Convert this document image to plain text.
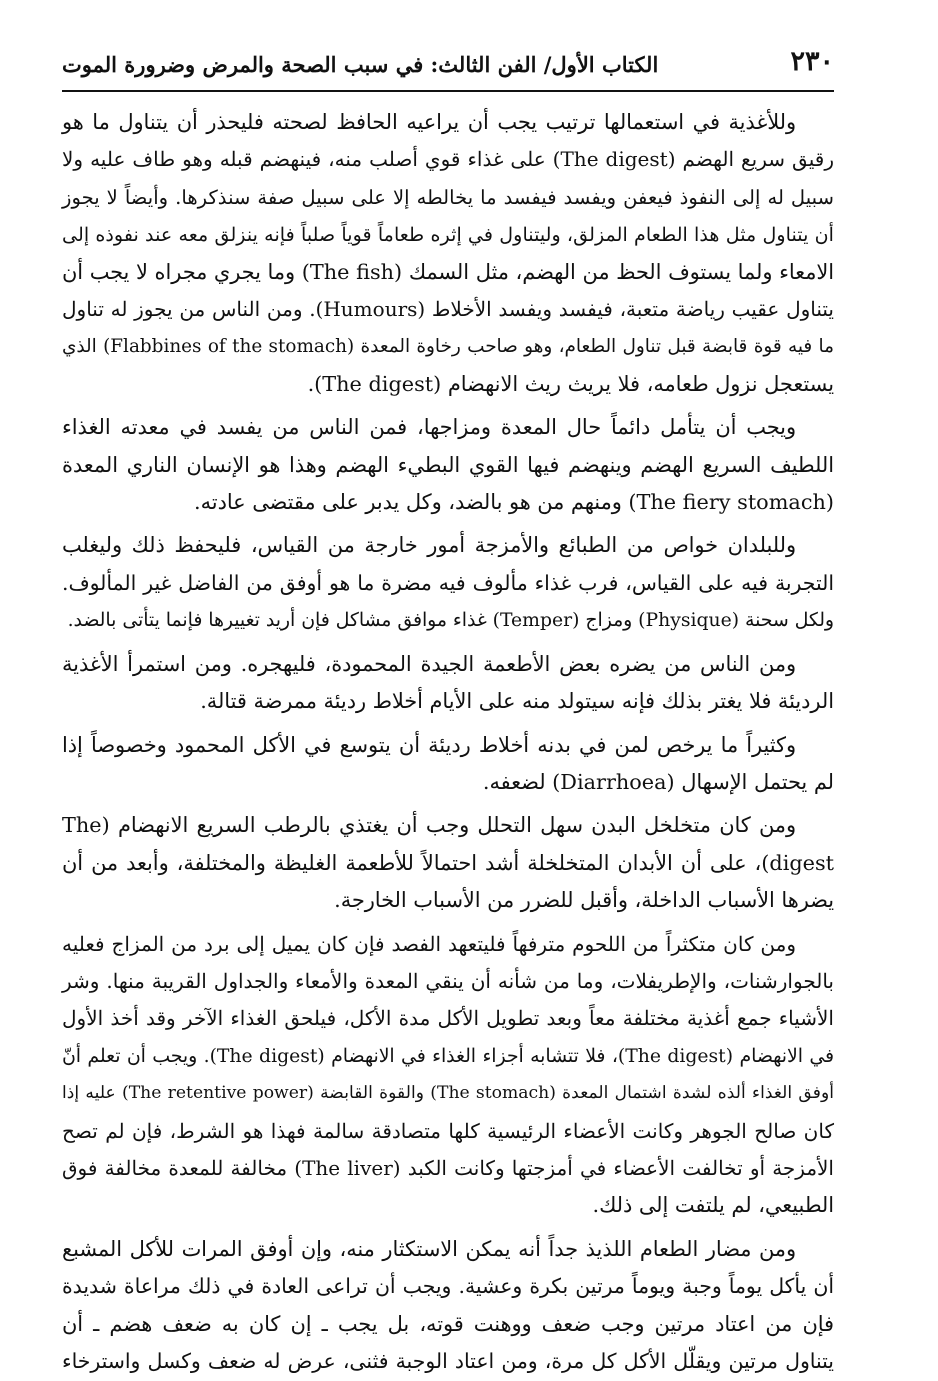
٢٣٠
الكتاب الأول/ الفن الثالث: في سبب الصحة والمرض وضرورة الموت
وللأغذية في استعمالها ترتيب يجب أن يراعيه الحافظ لصحته فليحذر أن يتناول ما هو
رقيق سريع الهضم (The digest) على غذاء قوي أصلب منه، فينهضم قبله وهو طاف عليه ولا
سبيل له إلى النفوذ فيعفن ويفسد فيفسد ما يخالطه إلا على سبيل صفة سنذكرها. وأيضاً لا يجوز
أن يتناول مثل هذا الطعام المزلق، وليتناول في إثره طعاماً قوياً صلباً فإنه ينزلق معه عند نفوذه إلى
الامعاء ولما يستوف الحظ من الهضم، مثل السمك (The fish) وما يجري مجراه لا يجب أن
يتناول عقيب رياضة متعبة، فيفسد ويفسد الأخلاط (Humours). ومن الناس من يجوز له تناول
ما فيه قوة قابضة قبل تناول الطعام، وهو صاحب رخاوة المعدة (Flabbines of the stomach) الذي
يستعجل نزول طعامه، فلا يريث ريث الانهضام (The digest).
ويجب أن يتأمل دائماً حال المعدة ومزاجها، فمن الناس من يفسد في معدته الغذاء
اللطيف السريع الهضم وينهضم فيها القوي البطيء الهضم وهذا هو الإنسان الناري المعدة
(The fiery stomach) ومنهم من هو بالضد، وكل يدبر على مقتضى عادته.
وللبلدان خواص من الطبائع والأمزجة أمور خارجة من القياس، فليحفظ ذلك وليغلب
التجربة فيه على القياس، فرب غذاء مألوف فيه مضرة ما هو أوفق من الفاضل غير المألوف.
ولكل سحنة (Physique) ومزاج (Temper) غذاء موافق مشاكل فإن أريد تغييرها فإنما يتأتى بالضد.
ومن الناس من يضره بعض الأطعمة الجيدة المحمودة، فليهجره. ومن استمرأ الأغذية
الرديئة فلا يغتر بذلك فإنه سيتولد منه على الأيام أخلاط رديئة ممرضة قتالة.
وكثيراً ما يرخص لمن في بدنه أخلاط رديئة أن يتوسع في الأكل المحمود وخصوصاً إذا
لم يحتمل الإسهال (Diarrhoea) لضعفه.
ومن كان متخلخل البدن سهل التحلل وجب أن يغتذي بالرطب السريع الانهضام (The
digest)، على أن الأبدان المتخلخلة أشد احتمالاً للأطعمة الغليظة والمختلفة، وأبعد من أن
يضرها الأسباب الداخلة، وأقبل للضرر من الأسباب الخارجة.
ومن كان متكثراً من اللحوم مترفهاً فليتعهد الفصد فإن كان يميل إلى برد من المزاج فعليه
بالجوارشنات، والإطريفلات، وما من شأنه أن ينقي المعدة والأمعاء والجداول القريبة منها. وشر
الأشياء جمع أغذية مختلفة معاً وبعد تطويل الأكل مدة الأكل، فيلحق الغذاء الآخر وقد أخذ الأول
في الانهضام (The digest)، فلا تتشابه أجزاء الغذاء في الانهضام (The digest). ويجب أن تعلم أنّ
أوفق الغذاء ألذه لشدة اشتمال المعدة (The stomach) والقوة القابضة (The retentive power) عليه إذا
كان صالح الجوهر وكانت الأعضاء الرئيسية كلها متصادقة سالمة فهذا هو الشرط، فإن لم تصح
الأمزجة أو تخالفت الأعضاء في أمزجتها وكانت الكبد (The liver) مخالفة للمعدة مخالفة فوق
الطبيعي، لم يلتفت إلى ذلك.
ومن مضار الطعام اللذيذ جداً أنه يمكن الاستكثار منه، وإن أوفق المرات للأكل المشبع
أن يأكل يوماً وجبة ويوماً مرتين بكرة وعشية. ويجب أن تراعى العادة في ذلك مراعاة شديدة
فإن من اعتاد مرتين وجب ضعف ووهنت قوته، بل يجب ـ إن كان به ضعف هضم ـ أن
يتناول مرتين ويقلّل الأكل كل مرة، ومن اعتاد الوجبة فثنى، عرض له ضعف وكسل واسترخاء
